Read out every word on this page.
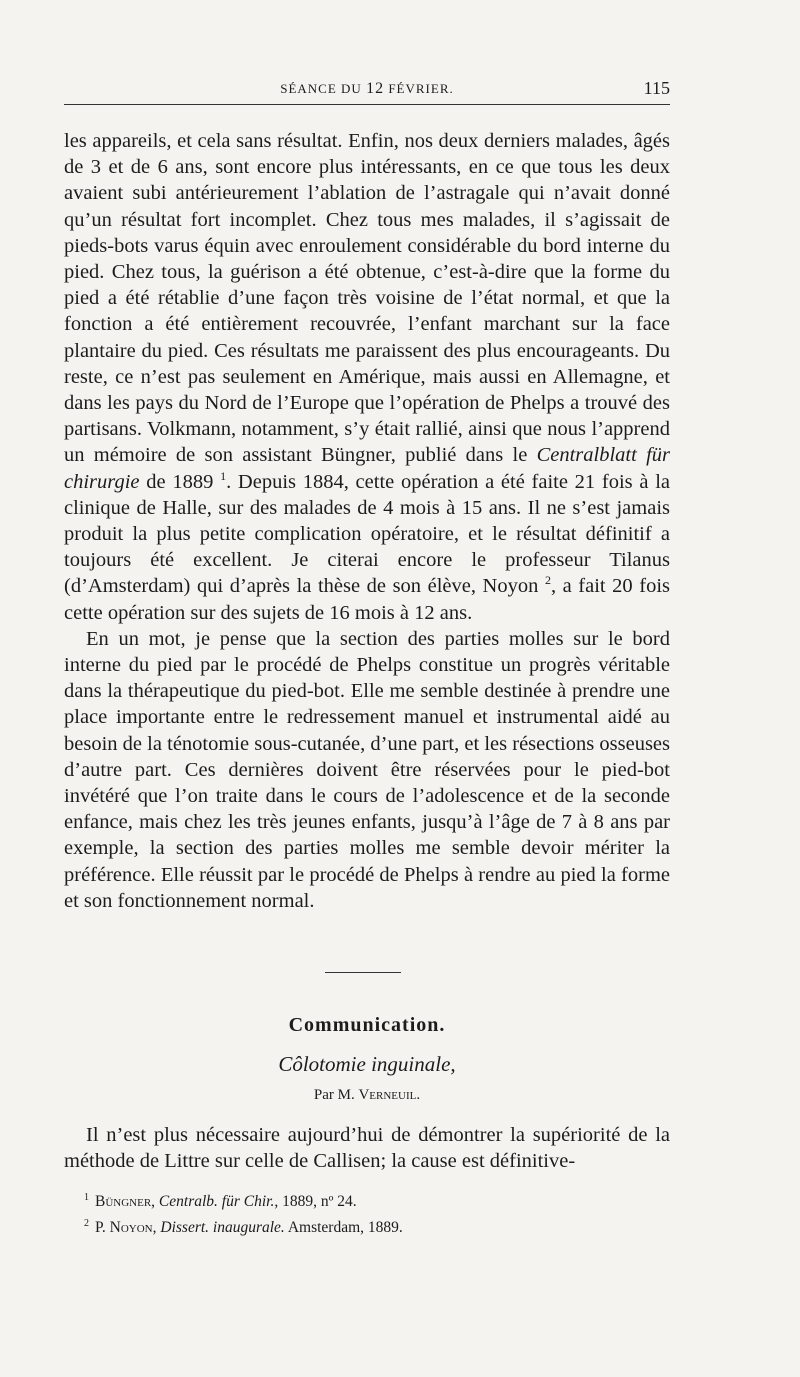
SÉANCE DU 12 FÉVRIER.	115

les appareils, et cela sans résultat. Enfin, nos deux derniers malades, âgés de 3 et de 6 ans, sont encore plus intéressants, en ce que tous les deux avaient subi antérieurement l’ablation de l’astragale qui n’avait donné qu’un résultat fort incomplet. Chez tous mes malades, il s’agissait de pieds-bots varus équin avec enroulement considérable du bord interne du pied. Chez tous, la guérison a été obtenue, c’est-à-dire que la forme du pied a été rétablie d’une façon très voisine de l’état normal, et que la fonction a été entièrement recouvrée, l’enfant marchant sur la face plantaire du pied. Ces résultats me paraissent des plus encourageants. Du reste, ce n’est pas seulement en Amérique, mais aussi en Allemagne, et dans les pays du Nord de l’Europe que l’opération de Phelps a trouvé des partisans. Volkmann, notamment, s’y était rallié, ainsi que nous l’apprend un mémoire de son assistant Büngner, publié dans le Centralblatt für chirurgie de 1889 $^1$. Depuis 1884, cette opération a été faite 21 fois à la clinique de Halle, sur des malades de 4 mois à 15 ans. Il ne s’est jamais produit la plus petite complication opératoire, et le résultat définitif a toujours été excellent. Je citerai encore le professeur Tilanus (d’Amsterdam) qui d’après la thèse de son élève, Noyon $^2$, a fait 20 fois cette opération sur des sujets de 16 mois à 12 ans.

En un mot, je pense que la section des parties molles sur le bord interne du pied par le procédé de Phelps constitue un progrès véritable dans la thérapeutique du pied-bot. Elle me semble destinée à prendre une place importante entre le redressement manuel et instrumental aidé au besoin de la ténotomie sous-cutanée, d’une part, et les résections osseuses d’autre part. Ces dernières doivent être réservées pour le pied-bot invétéré que l’on traite dans le cours de l’adolescence et de la seconde enfance, mais chez les très jeunes enfants, jusqu’à l’âge de 7 à 8 ans par exemple, la section des parties molles me semble devoir mériter la préférence. Elle réussit par le procédé de Phelps à rendre au pied la forme et son fonctionnement normal.

Communication.
Côlotomie inguinale,
Par M. Verneuil.

Il n’est plus nécessaire aujourd’hui de démontrer la supériorité de la méthode de Littre sur celle de Callisen; la cause est définitive-

$^1$ Büngner, Centralb. für Chir., 1889, nº 24.

$^2$ P. Noyon, Dissert. inaugurale. Amsterdam, 1889.
